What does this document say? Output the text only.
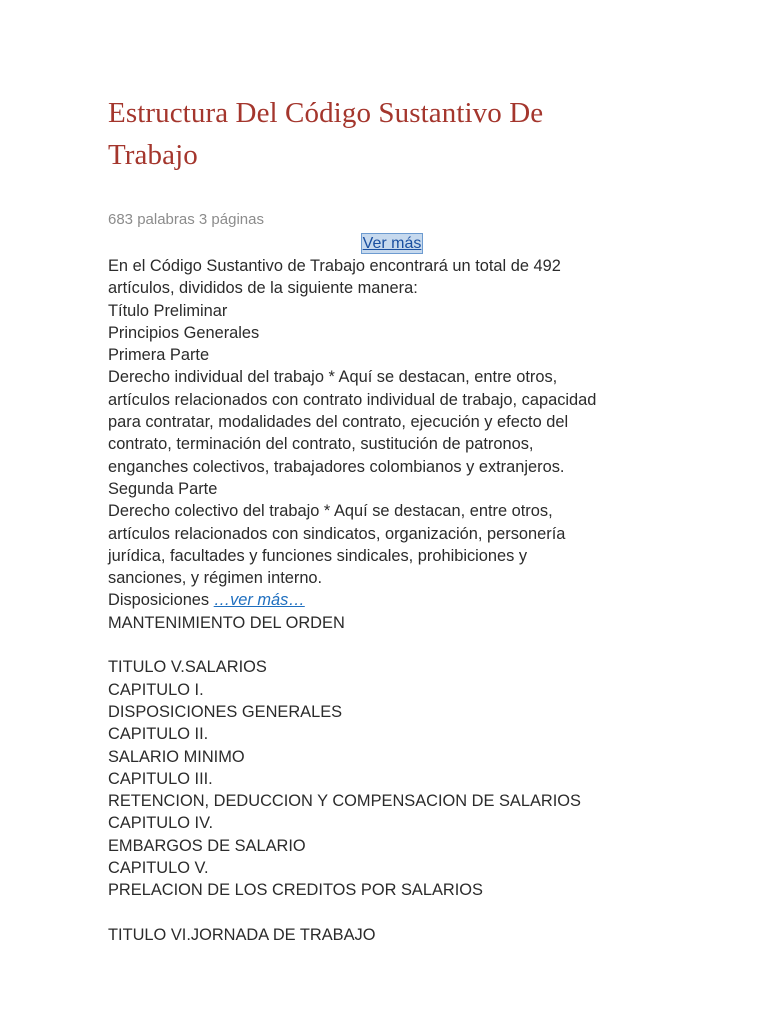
Estructura Del Código Sustantivo De
Trabajo
683 palabras 3 páginas
Ver más
En el Código Sustantivo de Trabajo encontrará un total de 492
artículos, divididos de la siguiente manera:
Título Preliminar
Principios Generales
Primera Parte
Derecho individual del trabajo * Aquí se destacan, entre otros,
artículos relacionados con contrato individual de trabajo, capacidad
para contratar, modalidades del contrato, ejecución y efecto del
contrato, terminación del contrato, sustitución de patronos,
enganches colectivos, trabajadores colombianos y extranjeros.
Segunda Parte
Derecho colectivo del trabajo * Aquí se destacan, entre otros,
artículos relacionados con sindicatos, organización, personería
jurídica, facultades y funciones sindicales, prohibiciones y
sanciones, y régimen interno.
Disposiciones …ver más…
MANTENIMIENTO DEL ORDEN
TITULO V.SALARIOS
CAPITULO I.
DISPOSICIONES GENERALES
CAPITULO II.
SALARIO MINIMO
CAPITULO III.
RETENCION, DEDUCCION Y COMPENSACION DE SALARIOS
CAPITULO IV.
EMBARGOS DE SALARIO
CAPITULO V.
PRELACION DE LOS CREDITOS POR SALARIOS
TITULO VI.JORNADA DE TRABAJO
